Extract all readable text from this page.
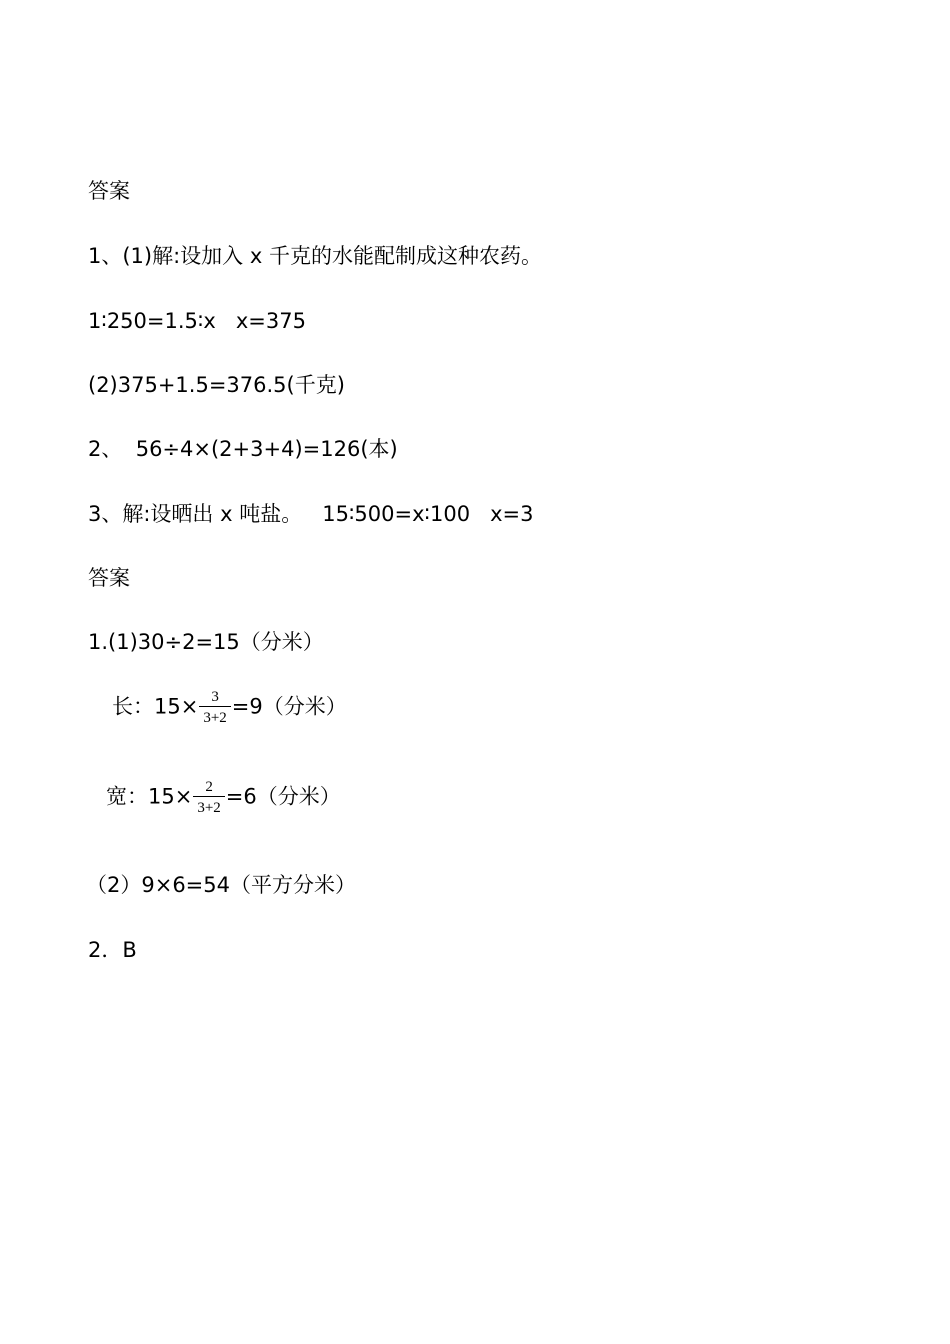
答案
1、(1)解:设加入 x 千克的水能配制成这种农药。
1∶250=1.5∶x   x=375
(2)375+1.5=376.5(千克)
2、  56÷4×(2+3+4)=126(本)
3、解:设晒出 x 吨盐。   15∶500=x∶100   x=3
答案
1.(1)30÷2=15（分米）
长：$15\times \frac{3}{3+2} =9$（分米）
宽：$15\times \frac{2}{3+2} =6$（分米）
（2）9×6=54（平方分米）
2．B
